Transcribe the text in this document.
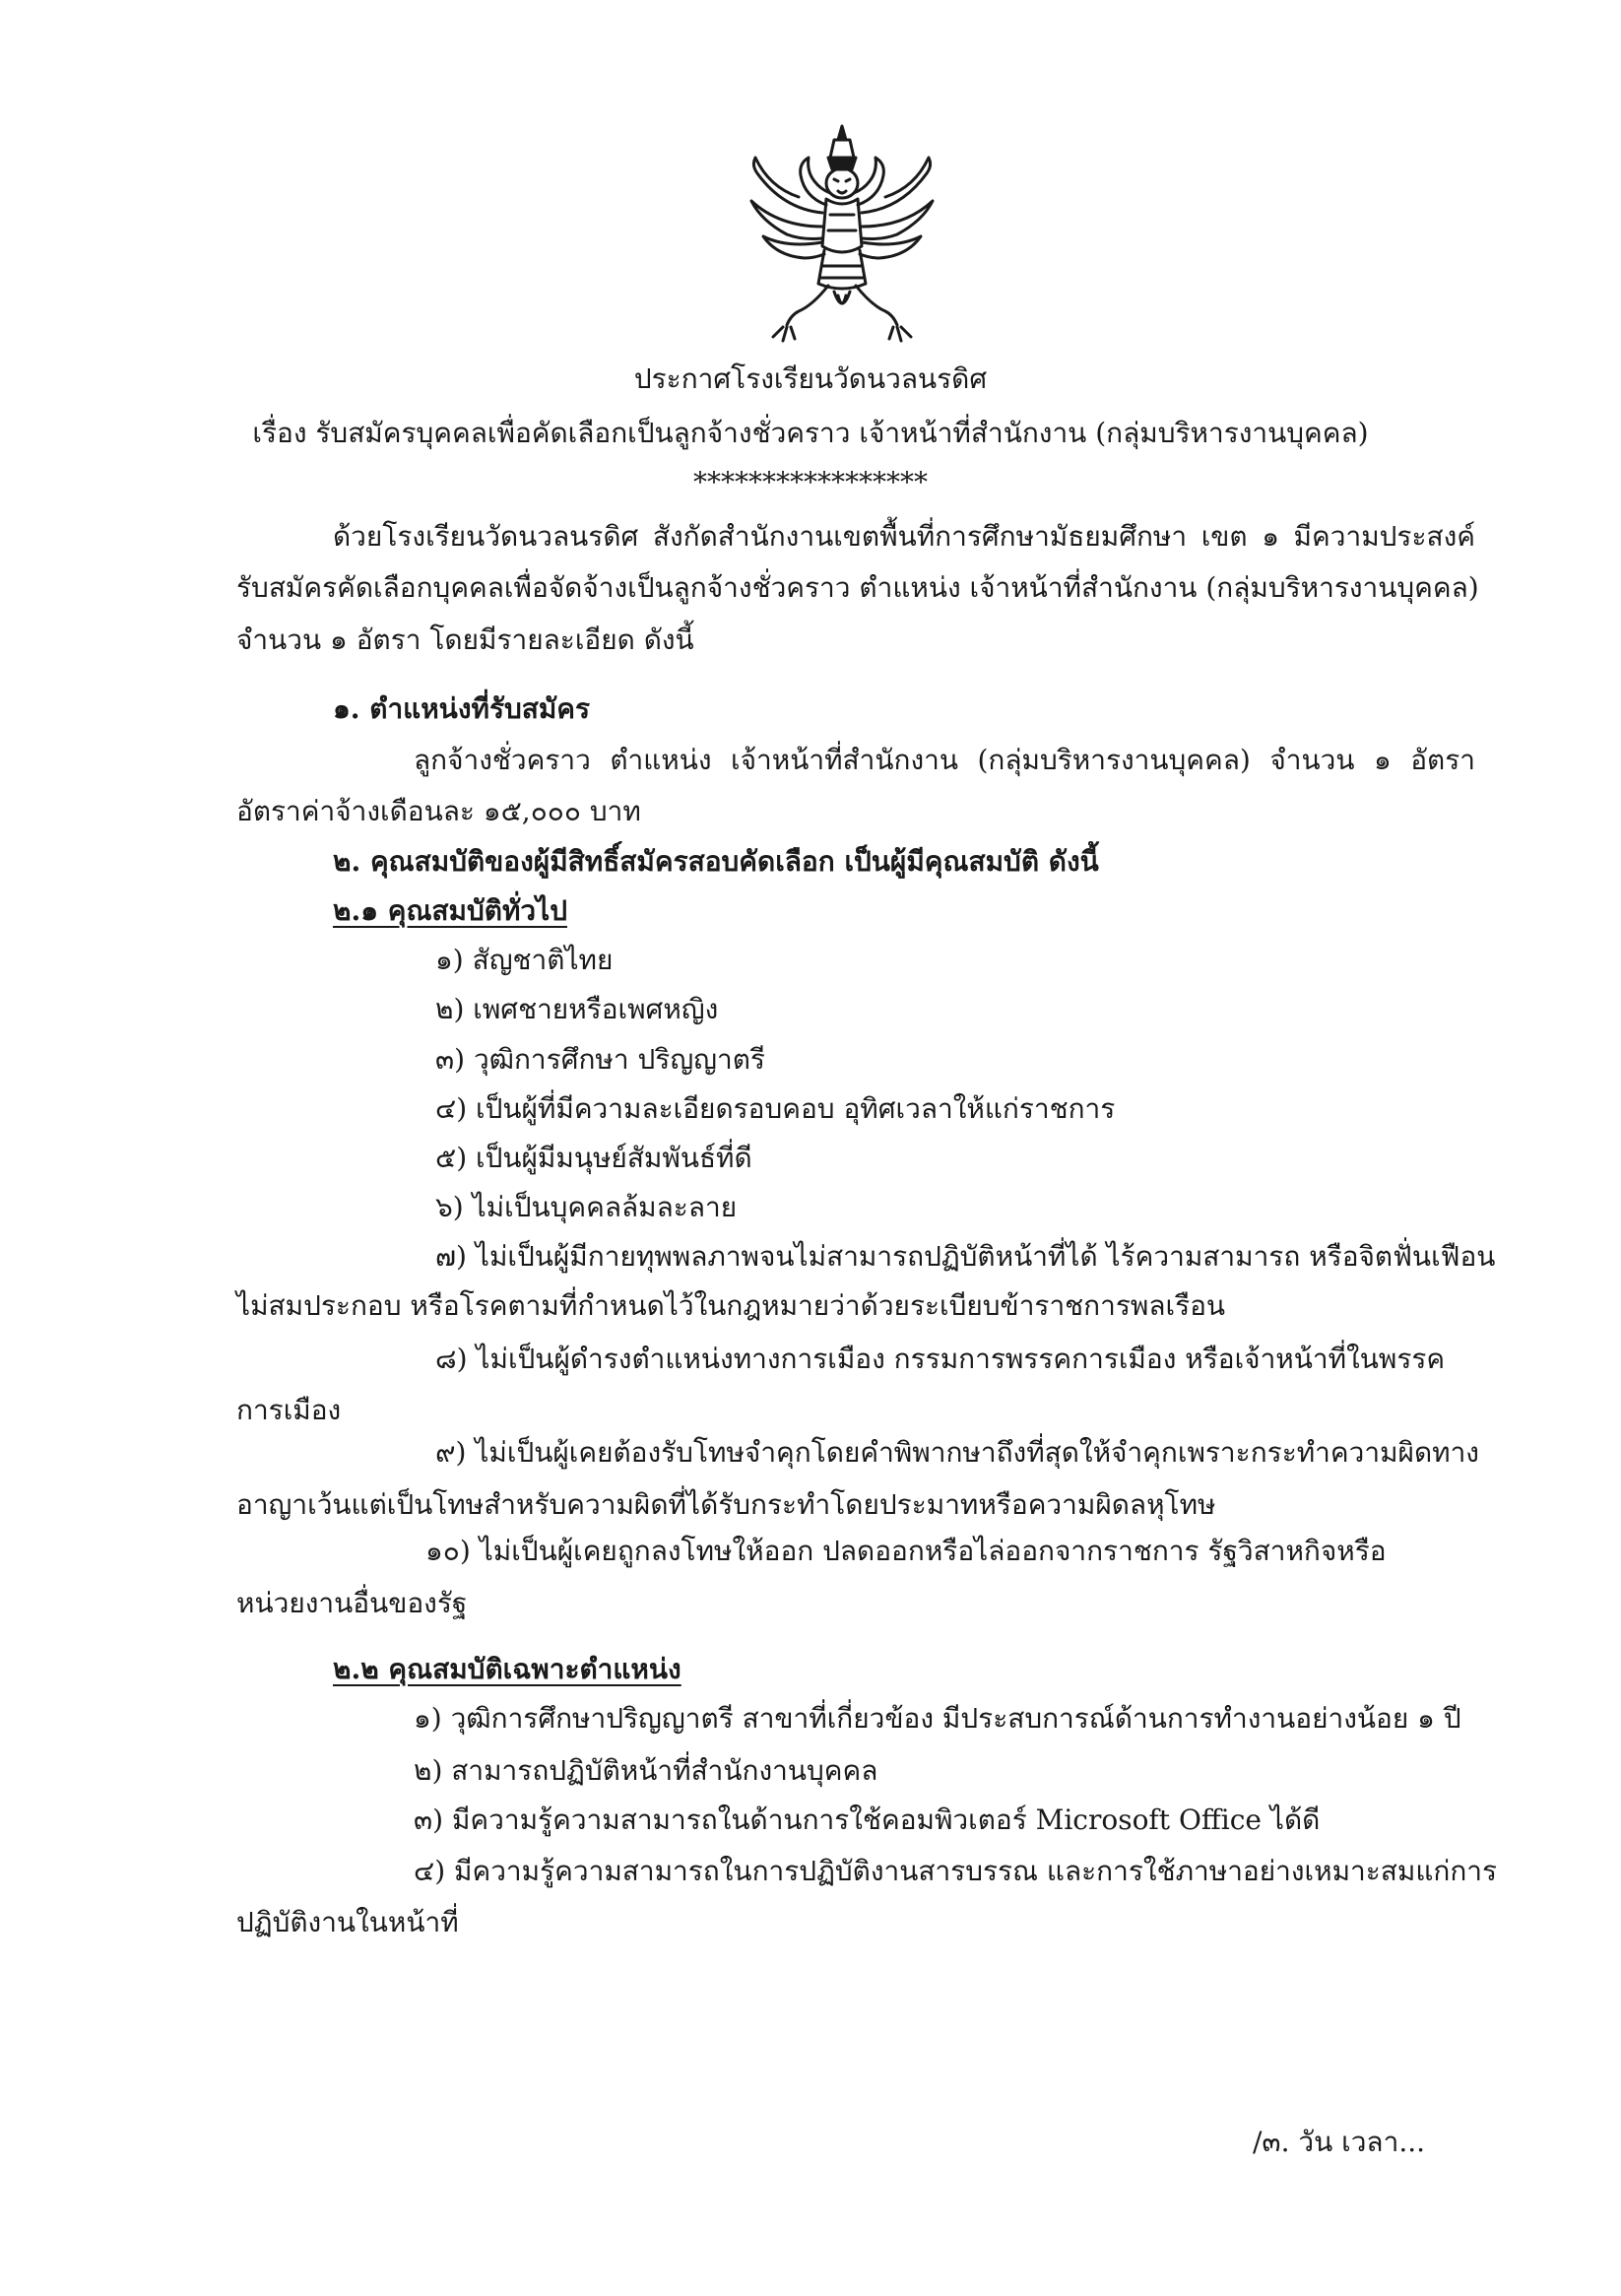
ประกาศโรงเรียนวัดนวลนรดิศ
เรื่อง รับสมัครบุคคลเพื่อคัดเลือกเป็นลูกจ้างชั่วคราว เจ้าหน้าที่สำนักงาน (กลุ่มบริหารงานบุคคล)
*****************
ด้วยโรงเรียนวัดนวลนรดิศ สังกัดสำนักงานเขตพื้นที่การศึกษามัธยมศึกษา เขต ๑ มีความประสงค์
รับสมัครคัดเลือกบุคคลเพื่อจัดจ้างเป็นลูกจ้างชั่วคราว ตำแหน่ง เจ้าหน้าที่สำนักงาน (กลุ่มบริหารงานบุคคล)
จำนวน ๑ อัตรา โดยมีรายละเอียด ดังนี้
๑. ตำแหน่งที่รับสมัคร
ลูกจ้างชั่วคราว ตำแหน่ง เจ้าหน้าที่สำนักงาน (กลุ่มบริหารงานบุคคล) จำนวน ๑ อัตรา
อัตราค่าจ้างเดือนละ ๑๕,๐๐๐ บาท
๒. คุณสมบัติของผู้มีสิทธิ์สมัครสอบคัดเลือก เป็นผู้มีคุณสมบัติ ดังนี้
๒.๑ คุณสมบัติทั่วไป
๑) สัญชาติไทย
๒) เพศชายหรือเพศหญิง
๓) วุฒิการศึกษา ปริญญาตรี
๔) เป็นผู้ที่มีความละเอียดรอบคอบ อุทิศเวลาให้แก่ราชการ
๕) เป็นผู้มีมนุษย์สัมพันธ์ที่ดี
๖) ไม่เป็นบุคคลล้มละลาย
๗) ไม่เป็นผู้มีกายทุพพลภาพจนไม่สามารถปฏิบัติหน้าที่ได้ ไร้ความสามารถ หรือจิตฟั่นเฟือน
ไม่สมประกอบ หรือโรคตามที่กำหนดไว้ในกฎหมายว่าด้วยระเบียบข้าราชการพลเรือน
๘) ไม่เป็นผู้ดำรงตำแหน่งทางการเมือง กรรมการพรรคการเมือง หรือเจ้าหน้าที่ในพรรค
การเมือง
๙) ไม่เป็นผู้เคยต้องรับโทษจำคุกโดยคำพิพากษาถึงที่สุดให้จำคุกเพราะกระทำความผิดทาง
อาญาเว้นแต่เป็นโทษสำหรับความผิดที่ได้รับกระทำโดยประมาทหรือความผิดลหุโทษ
๑๐) ไม่เป็นผู้เคยถูกลงโทษให้ออก ปลดออกหรือไล่ออกจากราชการ รัฐวิสาหกิจหรือ
หน่วยงานอื่นของรัฐ
๒.๒ คุณสมบัติเฉพาะตำแหน่ง
๑) วุฒิการศึกษาปริญญาตรี สาขาที่เกี่ยวข้อง มีประสบการณ์ด้านการทำงานอย่างน้อย ๑ ปี
๒) สามารถปฏิบัติหน้าที่สำนักงานบุคคล
๓) มีความรู้ความสามารถในด้านการใช้คอมพิวเตอร์ Microsoft Office ได้ดี
๔) มีความรู้ความสามารถในการปฏิบัติงานสารบรรณ และการใช้ภาษาอย่างเหมาะสมแก่การ
ปฏิบัติงานในหน้าที่
/๓. วัน เวลา...
